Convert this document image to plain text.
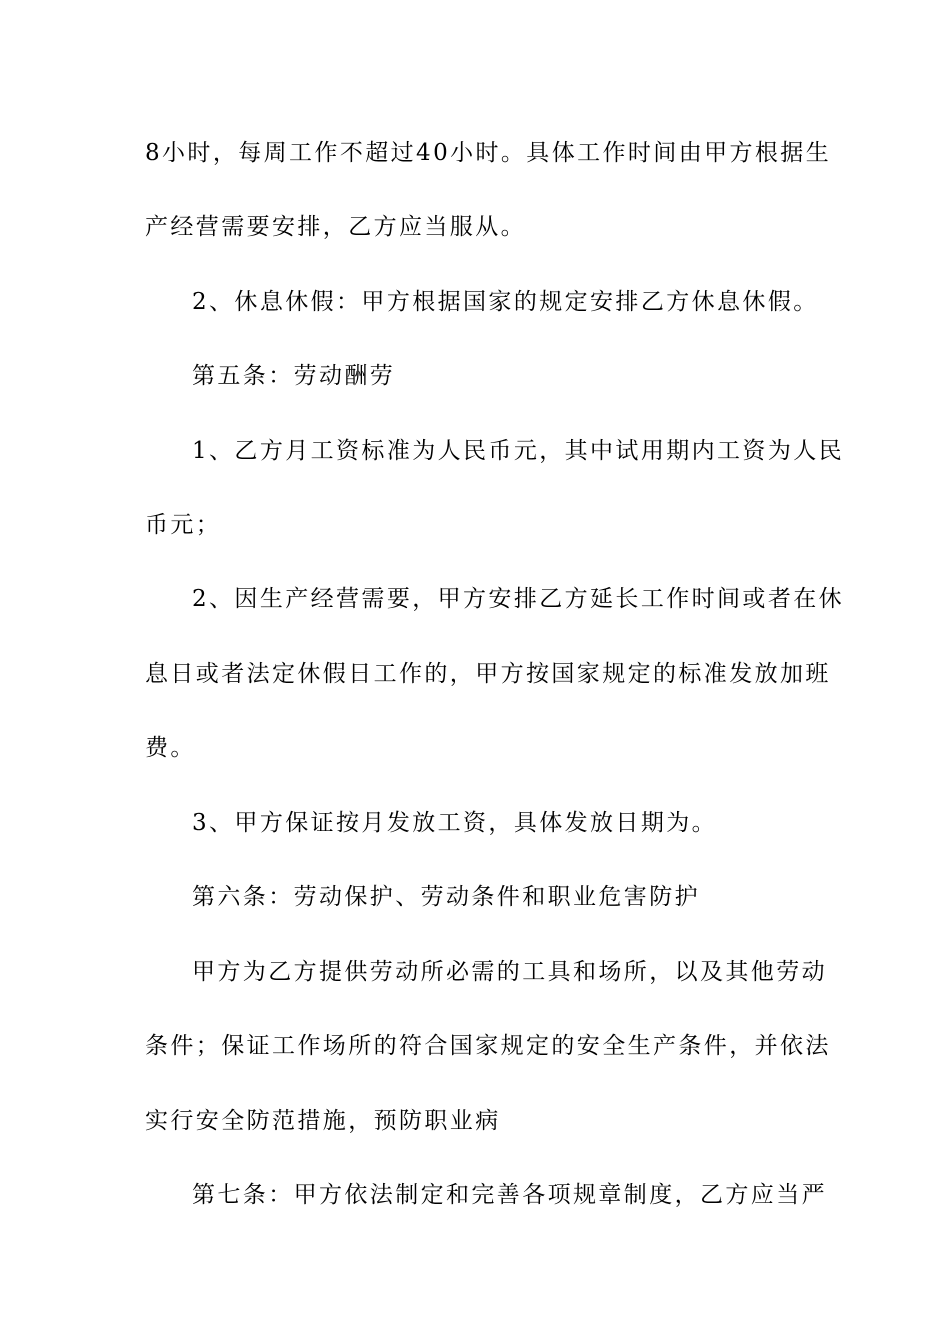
8小时，每周工作不超过40小时。具体工作时间由甲方根据生
产经营需要安排，乙方应当服从。
2、休息休假：甲方根据国家的规定安排乙方休息休假。
第五条：劳动酬劳
1、乙方月工资标准为人民币元，其中试用期内工资为人民
币元；
2、因生产经营需要，甲方安排乙方延长工作时间或者在休
息日或者法定休假日工作的，甲方按国家规定的标准发放加班
费。
3、甲方保证按月发放工资，具体发放日期为。
第六条：劳动保护、劳动条件和职业危害防护
甲方为乙方提供劳动所必需的工具和场所，以及其他劳动
条件；保证工作场所的符合国家规定的安全生产条件，并依法
实行安全防范措施，预防职业病
第七条：甲方依法制定和完善各项规章制度，乙方应当严
